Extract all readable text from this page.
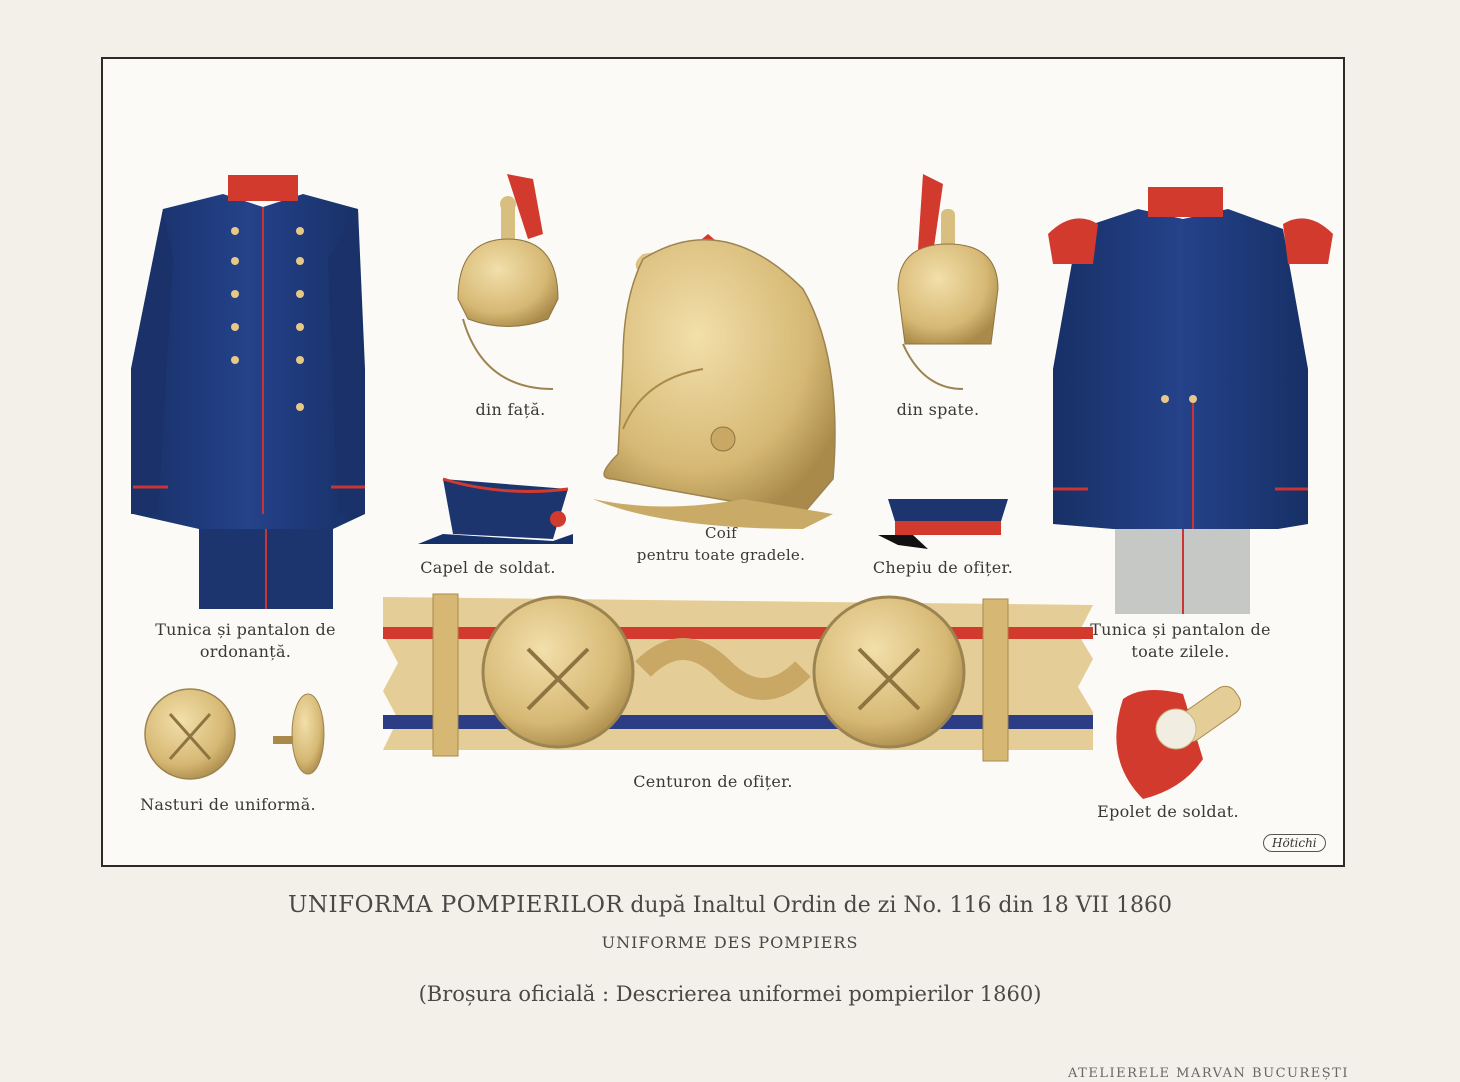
Tunica și pantalon de
ordonanță.
din față.
Coif
pentru toate gradele.
din spate.
Capel de soldat.	Chepiu de ofițer.
Tunica și pantalon de
toate zilele.
Centuron de ofițer.
Nasturi de uniformă.	Epolet de soldat.
Hötichi
UNIFORMA POMPIERILOR după Inaltul Ordin de zi No. 116 din 18 VII 1860
UNIFORME DES POMPIERS
(Broșura oficială : Descrierea uniformei pompierilor 1860)
ATELIERELE MARVAN BUCUREȘTI
